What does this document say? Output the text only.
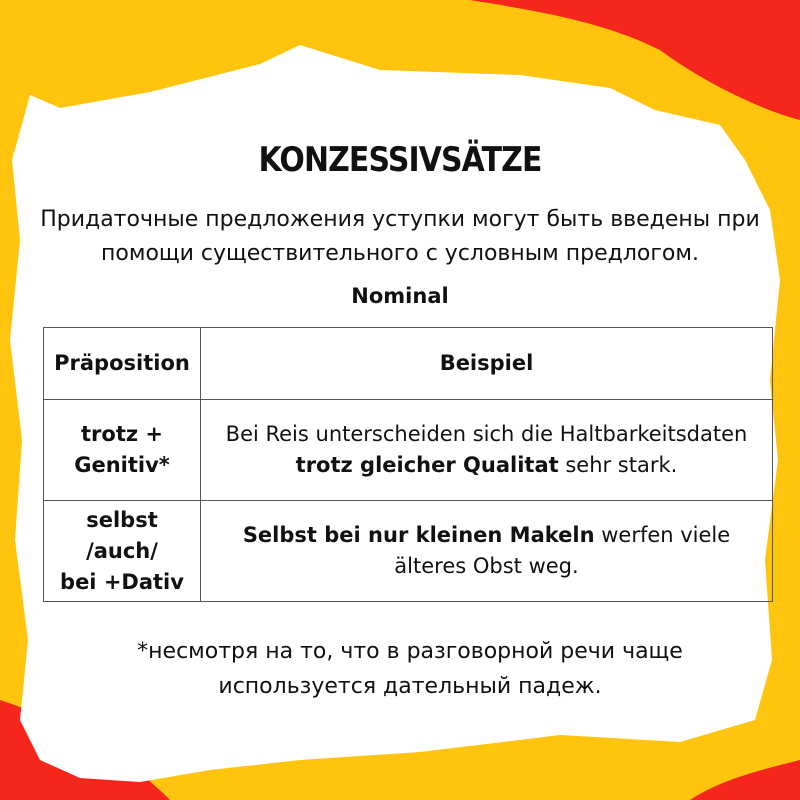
KONZESSIVSÄTZE
Придаточные предложения уступки могут быть введены при
помощи существительного с условным предлогом.
Nominal
Präposition	Beispiel
trotz +
Genitiv*	Bei Reis unterscheiden sich die Haltbarkeitsdaten
trotz gleicher Qualitat sehr stark.
selbst /auch/
bei +Dativ	Selbst bei nur kleinen Makeln werfen viele
älteres Obst weg.
*несмотря на то, что в разговорной речи чаще
используется дательный падеж.
